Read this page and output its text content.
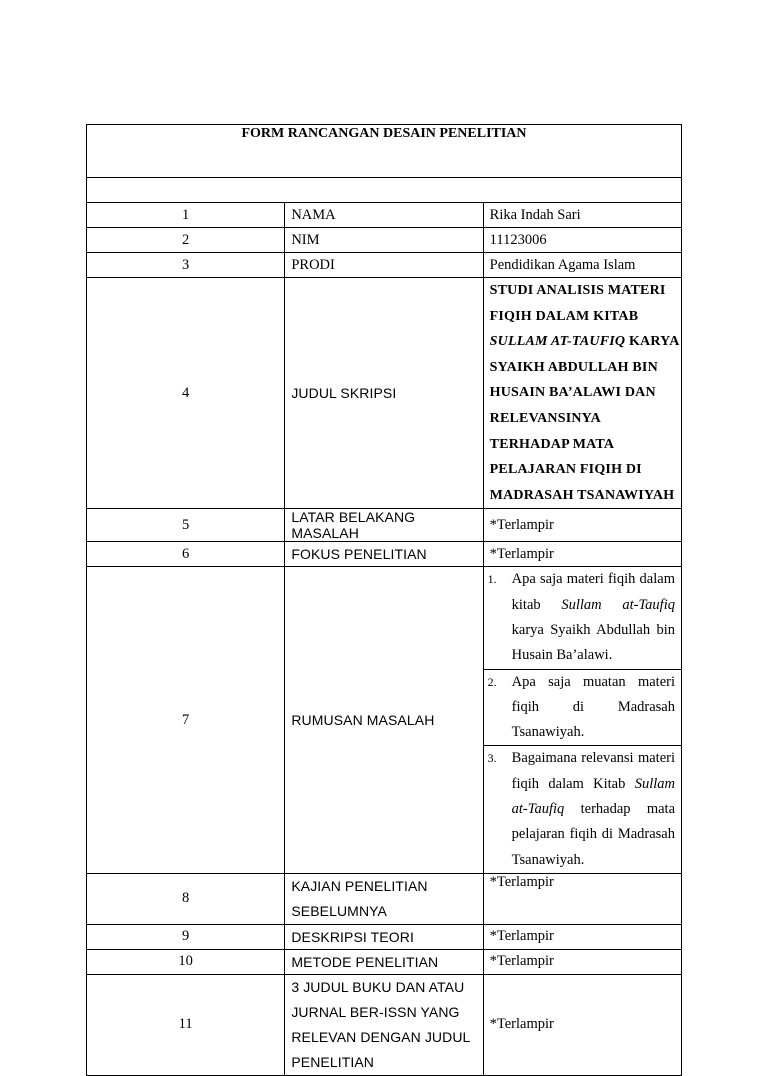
FORM RANCANGAN DESAIN PENELITIAN

1	NAMA	Rika Indah Sari
2	NIM	11123006
3	PRODI	Pendidikan Agama Islam
4	JUDUL SKRIPSI	STUDI ANALISIS MATERI FIQIH DALAM KITAB SULLAM AT-TAUFIQ KARYA SYAIKH ABDULLAH BIN HUSAIN BA’ALAWI DAN RELEVANSINYA TERHADAP MATA PELAJARAN FIQIH DI MADRASAH TSANAWIYAH
5	LATAR BELAKANG MASALAH	*Terlampir
6	FOKUS PENELITIAN	*Terlampir
7	RUMUSAN MASALAH	
1.	Apa saja materi fiqih dalam kitab Sullam at-Taufiq karya Syaikh Abdullah bin Husain Ba’alawi.

2.	Apa saja muatan materi fiqih di Madrasah Tsanawiyah.

3.	Bagaimana relevansi materi fiqih dalam Kitab Sullam at-Taufiq terhadap mata pelajaran fiqih di Madrasah Tsanawiyah.

8	KAJIAN PENELITIAN SEBELUMNYA	*Terlampir
9	DESKRIPSI TEORI	*Terlampir
10	METODE PENELITIAN	*Terlampir
11	3 JUDUL BUKU DAN ATAU JURNAL BER-ISSN YANG RELEVAN DENGAN JUDUL PENELITIAN	*Terlampir
